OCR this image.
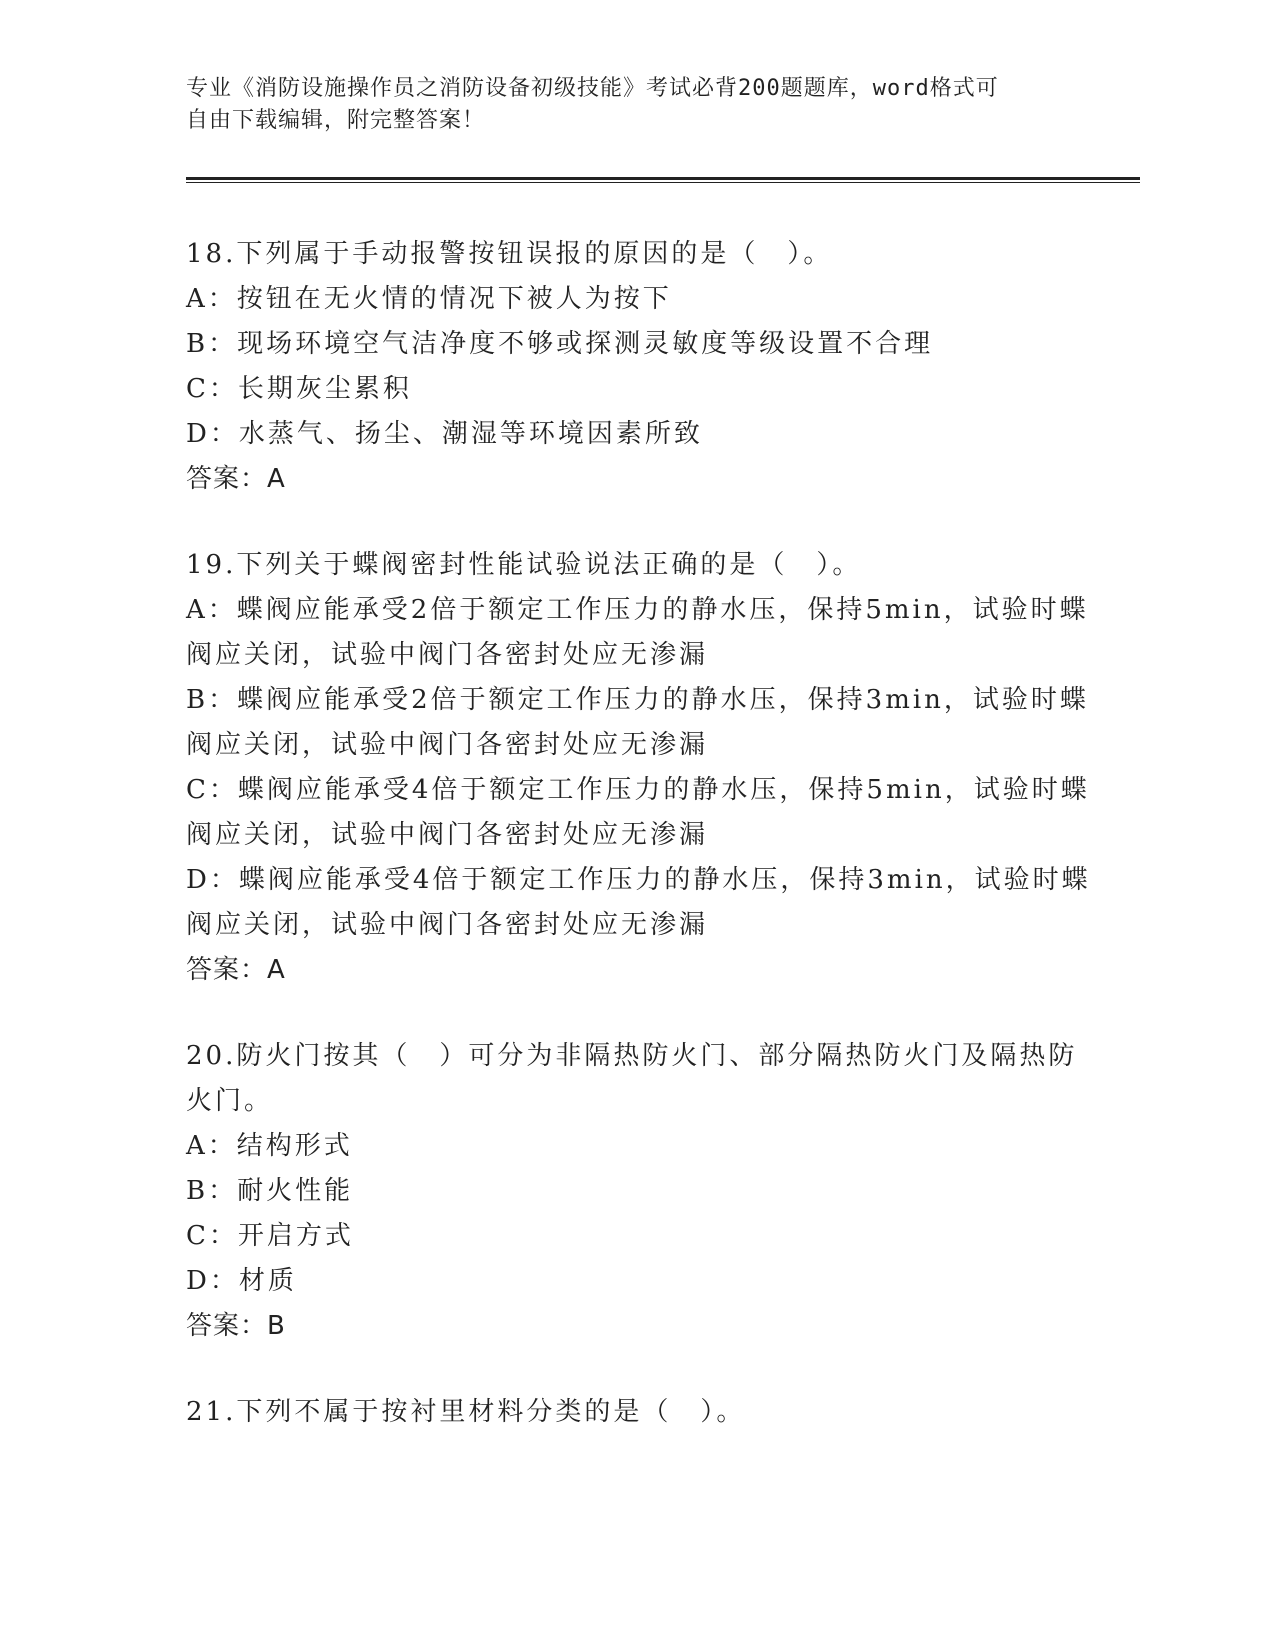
专业《消防设施操作员之消防设备初级技能》考试必背200题题库，word格式可
自由下载编辑，附完整答案！
18.下列属于手动报警按钮误报的原因的是（　）。
A：按钮在无火情的情况下被人为按下
B：现场环境空气洁净度不够或探测灵敏度等级设置不合理
C：长期灰尘累积
D：水蒸气、扬尘、潮湿等环境因素所致
答案：A
19.下列关于蝶阀密封性能试验说法正确的是（　）。
A：蝶阀应能承受2倍于额定工作压力的静水压，保持5min，试验时蝶
阀应关闭，试验中阀门各密封处应无渗漏
B：蝶阀应能承受2倍于额定工作压力的静水压，保持3min，试验时蝶
阀应关闭，试验中阀门各密封处应无渗漏
C：蝶阀应能承受4倍于额定工作压力的静水压，保持5min，试验时蝶
阀应关闭，试验中阀门各密封处应无渗漏
D：蝶阀应能承受4倍于额定工作压力的静水压，保持3min，试验时蝶
阀应关闭，试验中阀门各密封处应无渗漏
答案：A
20.防火门按其（　）可分为非隔热防火门、部分隔热防火门及隔热防
火门。
A：结构形式
B：耐火性能
C：开启方式
D：材质
答案：B
21.下列不属于按衬里材料分类的是（　）。
